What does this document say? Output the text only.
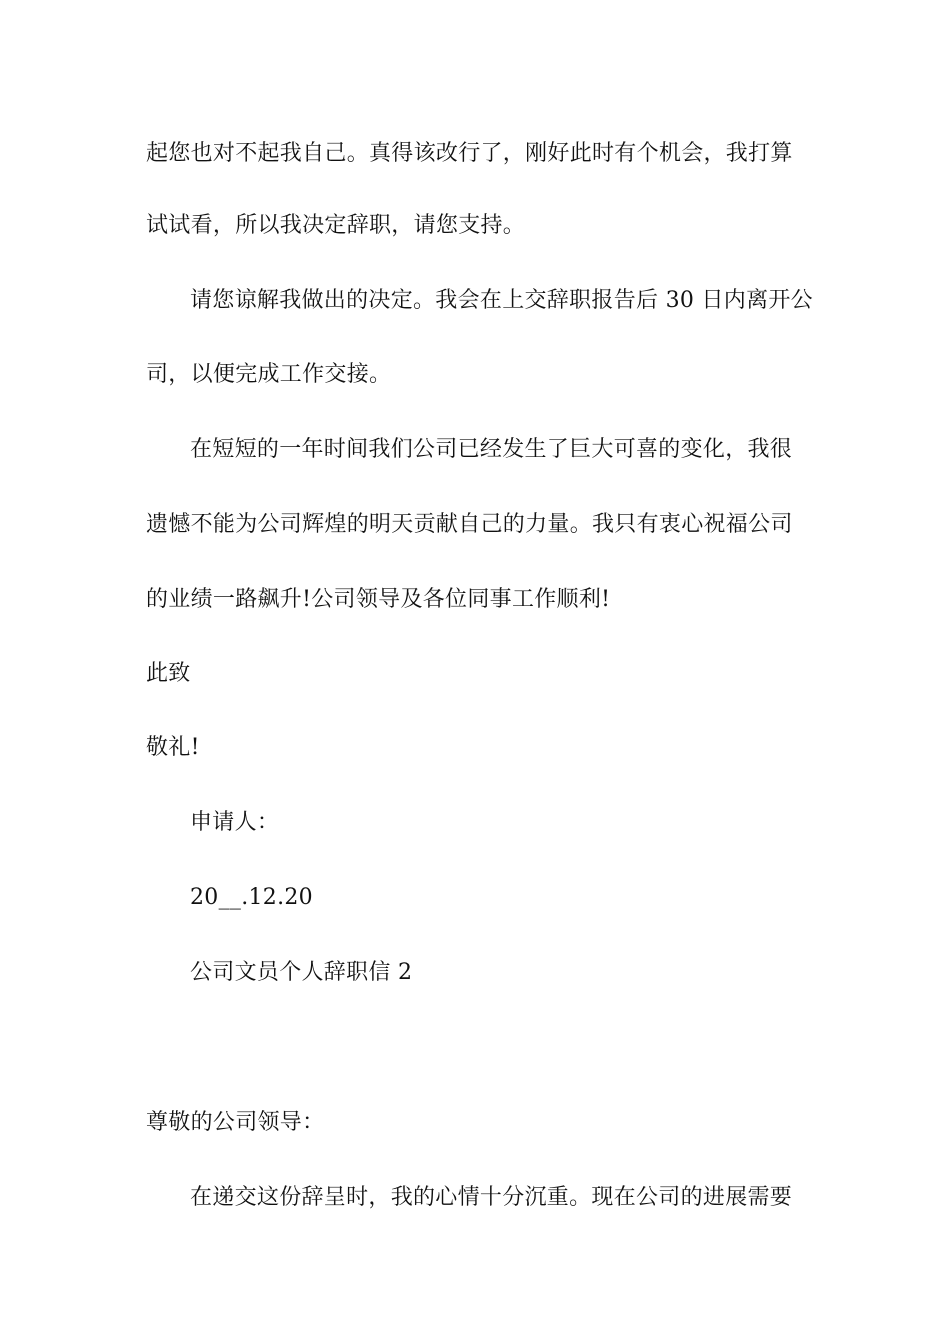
起您也对不起我自己。真得该改行了，刚好此时有个机会，我打算
试试看，所以我决定辞职，请您支持。
请您谅解我做出的决定。我会在上交辞职报告后 30 日内离开公
司，以便完成工作交接。
在短短的一年时间我们公司已经发生了巨大可喜的变化，我很
遗憾不能为公司辉煌的明天贡献自己的力量。我只有衷心祝福公司
的业绩一路飙升!公司领导及各位同事工作顺利!
此致
敬礼!
申请人：
20__.12.20
公司文员个人辞职信 2
尊敬的公司领导：
在递交这份辞呈时，我的心情十分沉重。现在公司的进展需要
